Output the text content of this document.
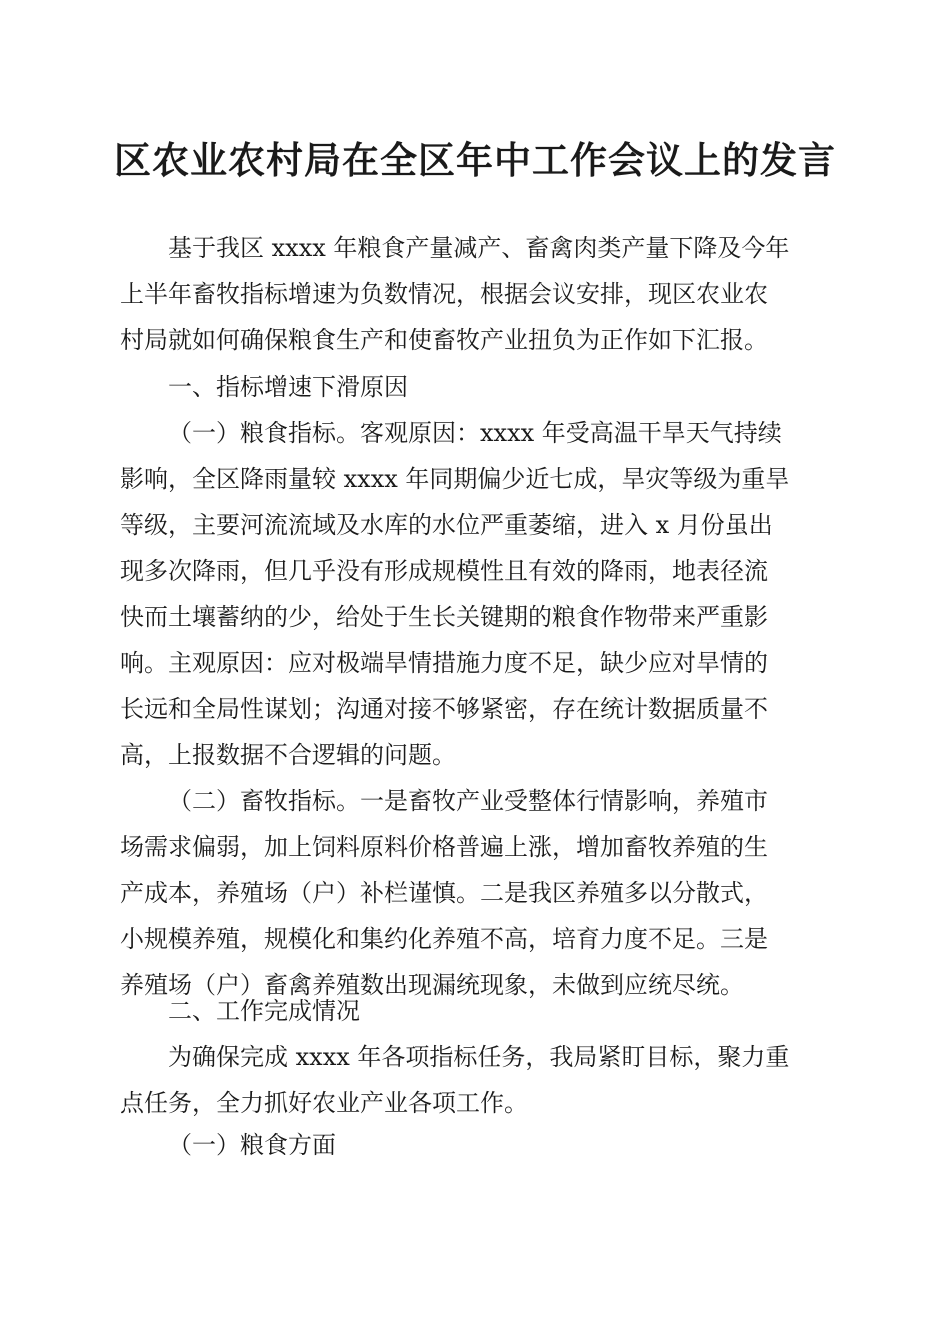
区农业农村局在全区年中工作会议上的发言
基于我区 xxxx 年粮食产量减产、畜禽肉类产量下降及今年
上半年畜牧指标增速为负数情况，根据会议安排，现区农业农
村局就如何确保粮食生产和使畜牧产业扭负为正作如下汇报。
一、指标增速下滑原因
（一）粮食指标。客观原因：xxxx 年受高温干旱天气持续
影响，全区降雨量较 xxxx 年同期偏少近七成，旱灾等级为重旱
等级，主要河流流域及水库的水位严重萎缩，进入 x 月份虽出
现多次降雨，但几乎没有形成规模性且有效的降雨，地表径流
快而土壤蓄纳的少，给处于生长关键期的粮食作物带来严重影
响。主观原因：应对极端旱情措施力度不足，缺少应对旱情的
长远和全局性谋划；沟通对接不够紧密，存在统计数据质量不
高，上报数据不合逻辑的问题。
（二）畜牧指标。一是畜牧产业受整体行情影响，养殖市
场需求偏弱，加上饲料原料价格普遍上涨，增加畜牧养殖的生
产成本，养殖场（户）补栏谨慎。二是我区养殖多以分散式，
小规模养殖，规模化和集约化养殖不高，培育力度不足。三是
养殖场（户）畜禽养殖数出现漏统现象，未做到应统尽统。
二、工作完成情况
为确保完成 xxxx 年各项指标任务，我局紧盯目标，聚力重
点任务，全力抓好农业产业各项工作。
（一）粮食方面
